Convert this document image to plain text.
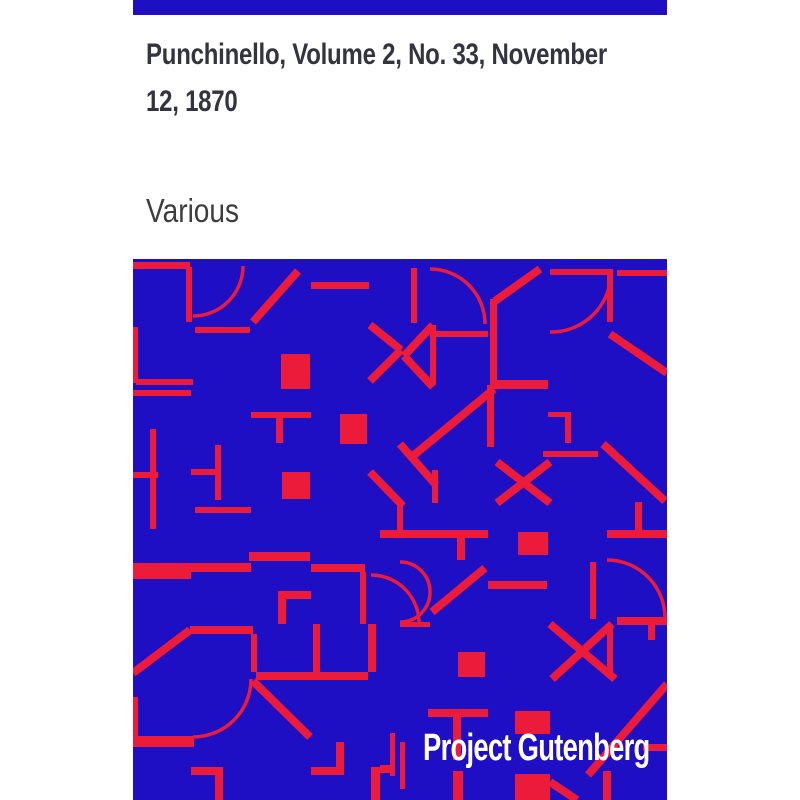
Punchinello, Volume 2, No. 33, November
12, 1870
Various
Project Gutenberg
